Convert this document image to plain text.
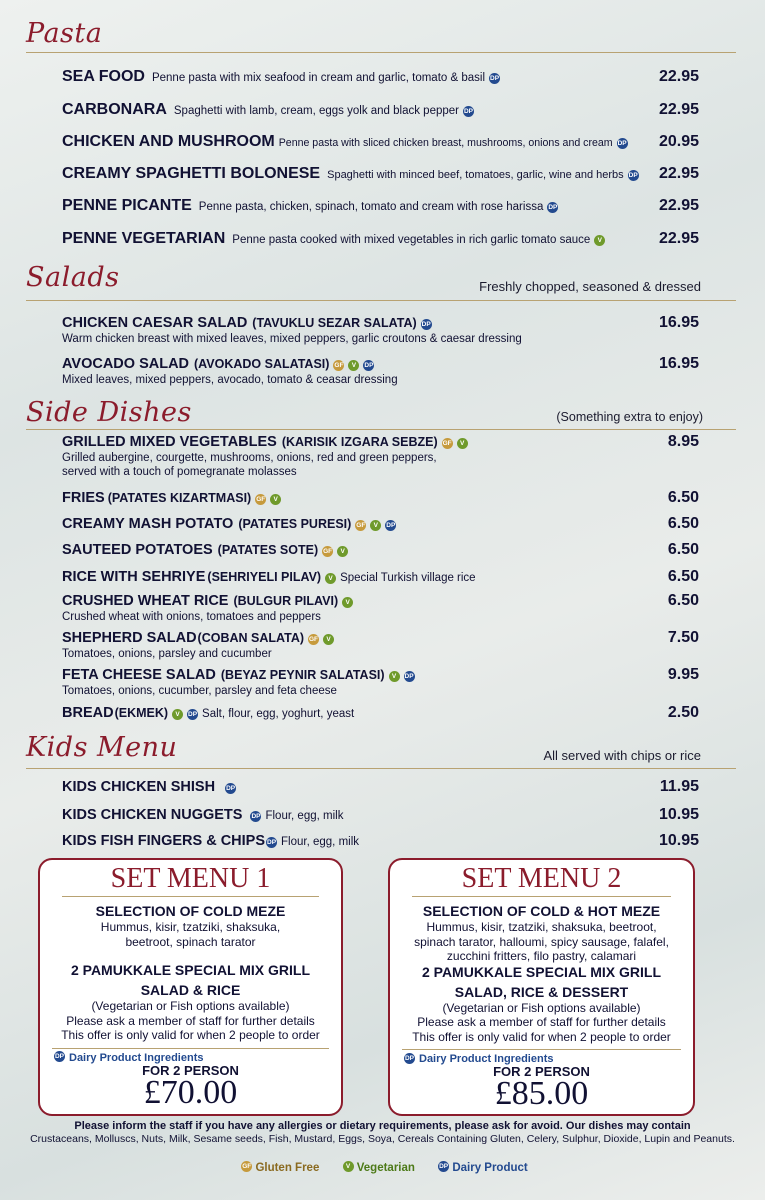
Pasta
SEA FOOD Penne pasta with mix seafood in cream and garlic, tomato & basil DP	22.95
CARBONARA Spaghetti with lamb, cream, eggs yolk and black pepper DP	22.95
CHICKEN AND MUSHROOM Penne pasta with sliced chicken breast, mushrooms, onions and cream DP 20.95
CREAMY SPAGHETTI BOLONESE Spaghetti with minced beef, tomatoes, garlic, wine and herbs DP 22.95
PENNE PICANTE Penne pasta, chicken, spinach, tomato and cream with rose harissa DP	22.95
PENNE VEGETARIAN Penne pasta cooked with mixed vegetables in rich garlic tomato sauce	V	22.95
Salads	Freshly chopped, seasoned & dressed
CHICKEN CAESAR SALAD (TAVUKLU SEZAR SALATA) DP	16.95
Warm chicken breast with mixed leaves, mixed peppers, garlic croutons & caesar dressing
AVOCADO SALAD (AVOKADO SALATASI) GF	V	DP	16.95
Mixed leaves, mixed peppers, avocado, tomato & ceasar dressing
Side Dishes	(Something extra to enjoy)
GRILLED MIXED VEGETABLES (KARISIK IZGARA SEBZE) GF	V	8.95
Grilled aubergine, courgette, mushrooms, onions, red and green peppers,
served with a touch of pomegranate molasses
FRIES (PATATES KIZARTMASI) GF	V	6.50
CREAMY MASH POTATO (PATATES PURESI) GF	V	DP	6.50
SAUTEED POTATOES (PATATES SOTE) GF	V	6.50
RICE WITH SEHRIYE (SEHRIYELI PILAV)	V Special Turkish village rice	6.50
CRUSHED WHEAT RICE (BULGUR PILAVI)	V	6.50
Crushed wheat with onions, tomatoes and peppers
SHEPHERD SALAD (COBAN SALATA) GF	V	7.50
Tomatoes, onions, parsley and cucumber
FETA CHEESE SALAD (BEYAZ PEYNIR SALATASI)	V	DP	9.95
Tomatoes, onions, cucumber, parsley and feta cheese
BREAD (EKMEK)	V	DP Salt, flour, egg, yoghurt, yeast	2.50
Kids Menu	All served with chips or rice
KIDS CHICKEN SHISH DP	11.95
KIDS CHICKEN NUGGETS DP Flour, egg, milk	10.95
KIDS FISH FINGERS & CHIPS DP Flour, egg, milk	10.95
SET MENU 1
SELECTION OF COLD MEZE
Hummus, kisir, tzatziki, shaksuka,
beetroot, spinach tarator
2 PAMUKKALE SPECIAL MIX GRILL
SALAD & RICE
(Vegetarian or Fish options available)
Please ask a member of staff for further details
This offer is only valid for when 2 people to order
DP Dairy Product Ingredients
FOR 2 PERSON
£70.00
SET MENU 2
SELECTION OF COLD & HOT MEZE
Hummus, kisir, tzatziki, shaksuka, beetroot,
spinach tarator, halloumi, spicy sausage, falafel,
zucchini fritters, filo pastry, calamari
2 PAMUKKALE SPECIAL MIX GRILL
SALAD, RICE & DESSERT
(Vegetarian or Fish options available)
Please ask a member of staff for further details
This offer is only valid for when 2 people to order
DP Dairy Product Ingredients
FOR 2 PERSON
£85.00
Please inform the staff if you have any allergies or dietary requirements, please ask for avoid. Our dishes may contain
Crustaceans, Molluscs, Nuts, Milk, Sesame seeds, Fish, Mustard, Eggs, Soya, Cereals Containing Gluten, Celery, Sulphur, Dioxide, Lupin and Peanuts.
GF Gluten Free	V Vegetarian	DP Dairy Product
